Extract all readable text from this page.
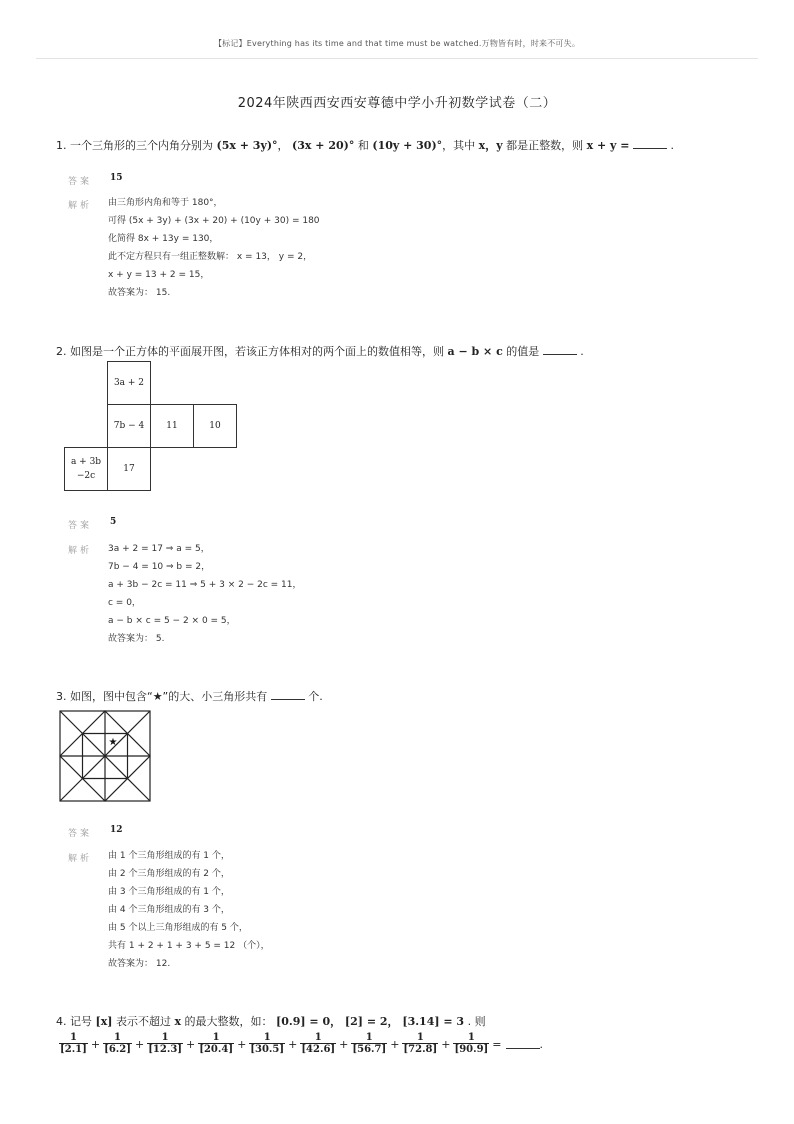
【标记】Everything has its time and that time must be watched.万物皆有时，时来不可失。
2024年陕西西安西安尊德中学小升初数学试卷（二）
1. 一个三角形的三个内角分别为 (5x + 3y)°， (3x + 20)° 和 (10y + 30)°，其中 x，y 都是正整数，则 x + y =	.
答案 15
解析 由三角形内角和等于 180°，
可得 (5x + 3y) + (3x + 20) + (10y + 30) = 180
化简得 8x + 13y = 130，
此不定方程只有一组正整数解： x = 13， y = 2，
x + y = 13 + 2 = 15，
故答案为： 15.
2. 如图是一个正方体的平面展开图，若该正方体相对的两个面上的数值相等，则 a − b × c 的值是	.
3a + 2
7b − 4	11	10
a + 3b
−2c
17
答案 5
解析 3a + 2 = 17 ⇒ a = 5，
7b − 4 = 10 ⇒ b = 2，
a + 3b − 2c = 11 ⇒ 5 + 3 × 2 − 2c = 11，
c = 0，
a − b × c = 5 − 2 × 0 = 5，
故答案为： 5.
3. 如图，图中包含“★”的大、小三角形共有	个.
★
答案 12
解析 由 1 个三角形组成的有 1 个，
由 2 个三角形组成的有 2 个，
由 3 个三角形组成的有 1 个，
由 4 个三角形组成的有 3 个，
由 5 个以上三角形组成的有 5 个，
共有 1 + 2 + 1 + 3 + 5 = 12 （个），
故答案为： 12.
4. 记号 [x] 表示不超过 x 的最大整数，如： [0.9] = 0， [2] = 2， [3.14] = 3 . 则
$\frac{1}{[2.1]} + \frac{1}{[6.2]} + \frac{1}{[12.3]} + \frac{1}{[20.4]} + \frac{1}{[30.5]} + \frac{1}{[42.6]} + \frac{1}{[56.7]} + \frac{1}{[72.8]} + \frac{1}{[90.9]}$ =	.
